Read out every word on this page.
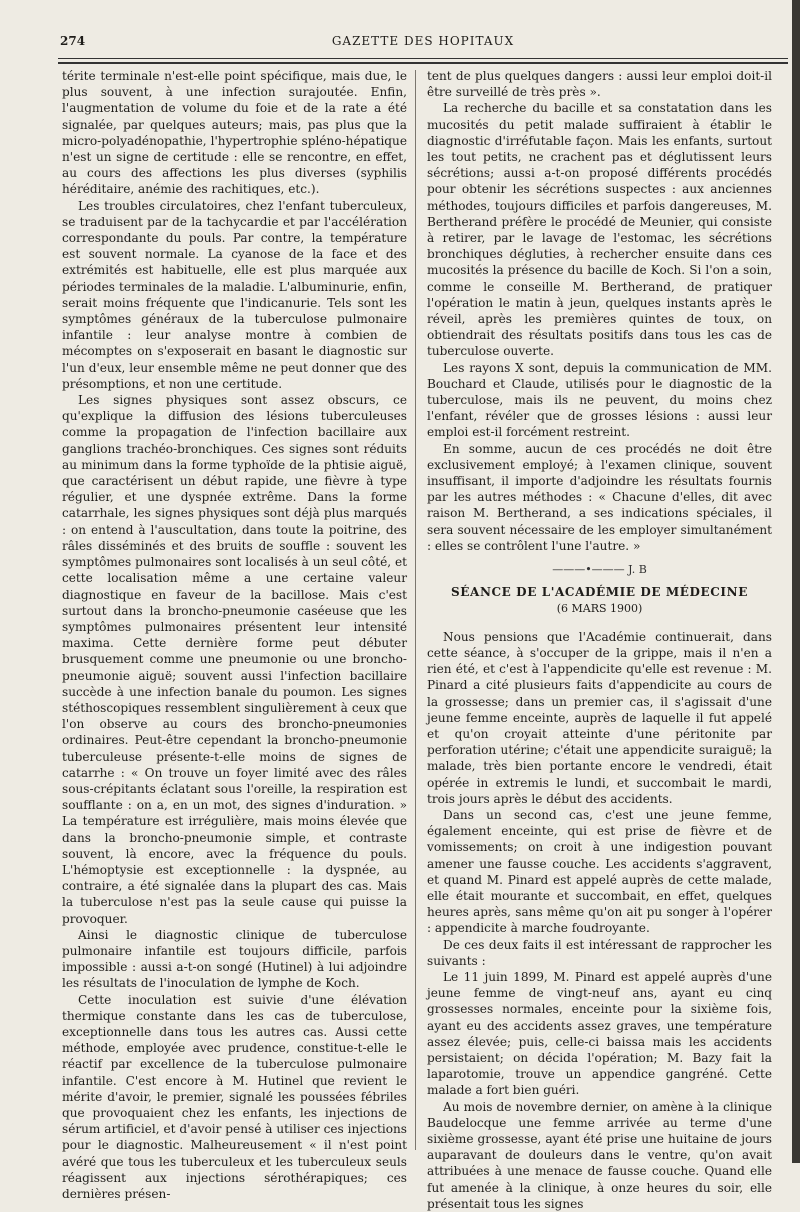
274	GAZETTE DES HOPITAUX

térite terminale n'est-elle point spécifique, mais due, le plus souvent, à une infection surajoutée. Enfin, l'augmentation de volume du foie et de la rate a été signalée, par quelques auteurs; mais, pas plus que la micro-polyadénopathie, l'hypertrophie spléno-hépatique n'est un signe de certitude : elle se rencontre, en effet, au cours des affections les plus diverses (syphilis héréditaire, anémie des rachitiques, etc.).

Les troubles circulatoires, chez l'enfant tuberculeux, se traduisent par de la tachycardie et par l'accélération correspondante du pouls. Par contre, la température est souvent normale. La cyanose de la face et des extrémités est habituelle, elle est plus marquée aux périodes terminales de la maladie. L'albuminurie, enfin, serait moins fréquente que l'indicanurie. Tels sont les symptômes généraux de la tuberculose pulmonaire infantile : leur analyse montre à combien de mécomptes on s'exposerait en basant le diagnostic sur l'un d'eux, leur ensemble même ne peut donner que des présomptions, et non une certitude.

Les signes physiques sont assez obscurs, ce qu'explique la diffusion des lésions tuberculeuses comme la propagation de l'infection bacillaire aux ganglions trachéo-bronchiques. Ces signes sont réduits au minimum dans la forme typhoïde de la phtisie aiguë, que caractérisent un début rapide, une fièvre à type régulier, et une dyspnée extrême. Dans la forme catarrhale, les signes physiques sont déjà plus marqués : on entend à l'auscultation, dans toute la poitrine, des râles disséminés et des bruits de souffle : souvent les symptômes pulmonaires sont localisés à un seul côté, et cette localisation même a une certaine valeur diagnostique en faveur de la bacillose. Mais c'est surtout dans la broncho-pneumonie caséeuse que les symptômes pulmonaires présentent leur intensité maxima. Cette dernière forme peut débuter brusquement comme une pneumonie ou une broncho-pneumonie aiguë; souvent aussi l'infection bacillaire succède à une infection banale du poumon. Les signes stéthoscopiques ressemblent singulièrement à ceux que l'on observe au cours des broncho-pneumonies ordinaires. Peut-être cependant la broncho-pneumonie tuberculeuse présente-t-elle moins de signes de catarrhe : « On trouve un foyer limité avec des râles sous-crépitants éclatant sous l'oreille, la respiration est soufflante : on a, en un mot, des signes d'induration. » La température est irrégulière, mais moins élevée que dans la broncho-pneumonie simple, et contraste souvent, là encore, avec la fréquence du pouls. L'hémoptysie est exceptionnelle : la dyspnée, au contraire, a été signalée dans la plupart des cas. Mais la tuberculose n'est pas la seule cause qui puisse la provoquer.

Ainsi le diagnostic clinique de tuberculose pulmonaire infantile est toujours difficile, parfois impossible : aussi a-t-on songé (Hutinel) à lui adjoindre les résultats de l'inoculation de lymphe de Koch.

Cette inoculation est suivie d'une élévation thermique constante dans les cas de tuberculose, exceptionnelle dans tous les autres cas. Aussi cette méthode, employée avec prudence, constitue-t-elle le réactif par excellence de la tuberculose pulmonaire infantile. C'est encore à M. Hutinel que revient le mérite d'avoir, le premier, signalé les poussées fébriles que provoquaient chez les enfants, les injections de sérum artificiel, et d'avoir pensé à utiliser ces injections pour le diagnostic. Malheureusement « il n'est point avéré que tous les tuberculeux et les tuberculeux seuls réagissent aux injections sérothérapiques; ces dernières présen-

tent de plus quelques dangers : aussi leur emploi doit-il être surveillé de très près ».

La recherche du bacille et sa constatation dans les mucosités du petit malade suffiraient à établir le diagnostic d'irréfutable façon. Mais les enfants, surtout les tout petits, ne crachent pas et déglutissent leurs sécrétions; aussi a-t-on proposé différents procédés pour obtenir les sécrétions suspectes : aux anciennes méthodes, toujours difficiles et parfois dangereuses, M. Bertherand préfère le procédé de Meunier, qui consiste à retirer, par le lavage de l'estomac, les sécrétions bronchiques dégluties, à rechercher ensuite dans ces mucosités la présence du bacille de Koch. Si l'on a soin, comme le conseille M. Bertherand, de pratiquer l'opération le matin à jeun, quelques instants après le réveil, après les premières quintes de toux, on obtiendrait des résultats positifs dans tous les cas de tuberculose ouverte.

Les rayons X sont, depuis la communication de MM. Bouchard et Claude, utilisés pour le diagnostic de la tuberculose, mais ils ne peuvent, du moins chez l'enfant, révéler que de grosses lésions : aussi leur emploi est-il forcément restreint.

En somme, aucun de ces procédés ne doit être exclusivement employé; à l'examen clinique, souvent insuffisant, il importe d'adjoindre les résultats fournis par les autres méthodes : « Chacune d'elles, dit avec raison M. Bertherand, a ses indications spéciales, il sera souvent nécessaire de les employer simultanément : elles se contrôlent l'une l'autre. »

———•——— J. B
SÉANCE DE L'ACADÉMIE DE MÉDECINE
(6 MARS 1900)

Nous pensions que l'Académie continuerait, dans cette séance, à s'occuper de la grippe, mais il n'en a rien été, et c'est à l'appendicite qu'elle est revenue : M. Pinard a cité plusieurs faits d'appendicite au cours de la grossesse; dans un premier cas, il s'agissait d'une jeune femme enceinte, auprès de laquelle il fut appelé et qu'on croyait atteinte d'une péritonite par perforation utérine; c'était une appendicite suraiguë; la malade, très bien portante encore le vendredi, était opérée in extremis le lundi, et succombait le mardi, trois jours après le début des accidents.

Dans un second cas, c'est une jeune femme, également enceinte, qui est prise de fièvre et de vomissements; on croit à une indigestion pouvant amener une fausse couche. Les accidents s'aggravent, et quand M. Pinard est appelé auprès de cette malade, elle était mourante et succombait, en effet, quelques heures après, sans même qu'on ait pu songer à l'opérer : appendicite à marche foudroyante.

De ces deux faits il est intéressant de rapprocher les suivants :

Le 11 juin 1899, M. Pinard est appelé auprès d'une jeune femme de vingt-neuf ans, ayant eu cinq grossesses normales, enceinte pour la sixième fois, ayant eu des accidents assez graves, une température assez élevée; puis, celle-ci baissa mais les accidents persistaient; on décida l'opération; M. Bazy fait la laparotomie, trouve un appendice gangréné. Cette malade a fort bien guéri.

Au mois de novembre dernier, on amène à la clinique Baudelocque une femme arrivée au terme d'une sixième grossesse, ayant été prise une huitaine de jours auparavant de douleurs dans le ventre, qu'on avait attribuées à une menace de fausse couche. Quand elle fut amenée à la clinique, à onze heures du soir, elle présentait tous les signes
